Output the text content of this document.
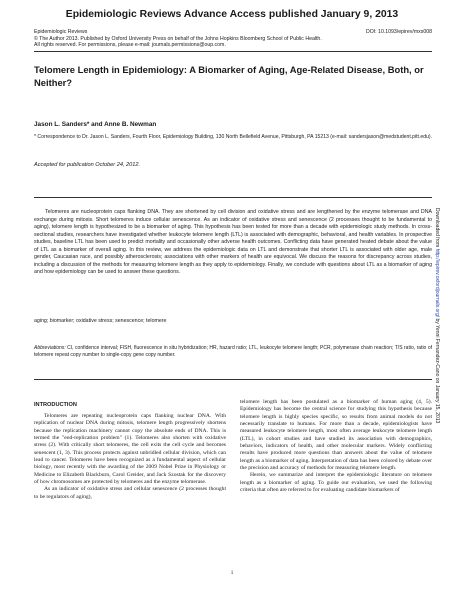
Epidemiologic Reviews Advance Access published January 9, 2013
Epidemiologic Reviews	DOI: 10.1093/epirev/mxs008
© The Author 2013. Published by Oxford University Press on behalf of the Johns Hopkins Bloomberg School of Public Health.
All rights reserved. For permissions, please e-mail: journals.permissions@oup.com.
Telomere Length in Epidemiology: A Biomarker of Aging, Age-Related Disease, Both, or Neither?
Jason L. Sanders* and Anne B. Newman
* Correspondence to Dr. Jason L. Sanders, Fourth Floor, Epidemiology Building, 130 North Bellefield Avenue, Pittsburgh, PA 15213 (e-mail: sandersjason@medstudent.pitt.edu).
Accepted for publication October 24, 2012.
Telomeres are nucleoprotein caps flanking DNA. They are shortened by cell division and oxidative stress and are lengthened by the enzyme telomerase and DNA exchange during mitosis. Short telomeres induce cellular senescence. As an indicator of oxidative stress and senescence (2 processes thought to be fundamental to aging), telomere length is hypothesized to be a biomarker of aging. This hypothesis has been tested for more than a decade with epidemiologic study methods. In cross-sectional studies, researchers have investigated whether leukocyte telomere length (LTL) is associated with demographic, behavioral, and health variables. In prospective studies, baseline LTL has been used to predict mortality and occasionally other adverse health outcomes. Conflicting data have generated heated debate about the value of LTL as a biomarker of overall aging. In this review, we address the epidemiologic data on LTL and demonstrate that shorter LTL is associated with older age, male gender, Caucasian race, and possibly atherosclerosis; associations with other markers of health are equivocal. We discuss the reasons for discrepancy across studies, including a discussion of the methods for measuring telomere length as they apply to epidemiology. Finally, we conclude with questions about LTL as a biomarker of aging and how epidemiology can be used to answer these questions.
aging; biomarker; oxidative stress; senescence; telomere
Abbreviations: CI, confidence interval; FISH, fluorescence in situ hybridization; HR, hazard ratio; LTL, leukocyte telomere length; PCR, polymerase chain reaction; T/S ratio, ratio of telomere repeat copy number to single-copy gene copy number.
INTRODUCTION

Telomeres are repeating nucleoprotein caps flanking nuclear DNA. With replication of nuclear DNA during mitosis, telomere length progressively shortens because the replication machinery cannot copy the absolute ends of DNA. This is termed the "end-replication problem" (1). Telomeres also shorten with oxidative stress (2). With critically short telomeres, the cell exits the cell cycle and becomes senescent (1, 3). This process protects against unbridled cellular division, which can lead to cancer. Telomeres have been recognized as a fundamental aspect of cellular biology, most recently with the awarding of the 2009 Nobel Prize in Physiology or Medicine to Elizabeth Blackburn, Carol Greider, and Jack Szostak for the discovery of how chromosomes are protected by telomeres and the enzyme telomerase.

As an indicator of oxidative stress and cellular senescence (2 processes thought to be regulators of aging),

telomere length has been postulated as a biomarker of human aging (4, 5). Epidemiology has become the central science for studying this hypothesis because telomere length is highly species specific, so results from animal models do not necessarily translate to humans. For more than a decade, epidemiologists have measured leukocyte telomere length, most often average leukocyte telomere length (LTL), in cohort studies and have studied its association with demographics, behaviors, indicators of health, and other molecular markers. Widely conflicting results have produced more questions than answers about the value of telomere length as a biomarker of aging. Interpretation of data has been colored by debate over the precision and accuracy of methods for measuring telomere length.

Herein, we summarize and interpret the epidemiologic literature on telomere length as a biomarker of aging. To guide our evaluation, we used the following criteria that often are referred to for evaluating candidate biomarkers of

Downloaded from http://epirev.oxfordjournals.org/ by Yenni Fernandez-Cano on January 15, 2013
1
